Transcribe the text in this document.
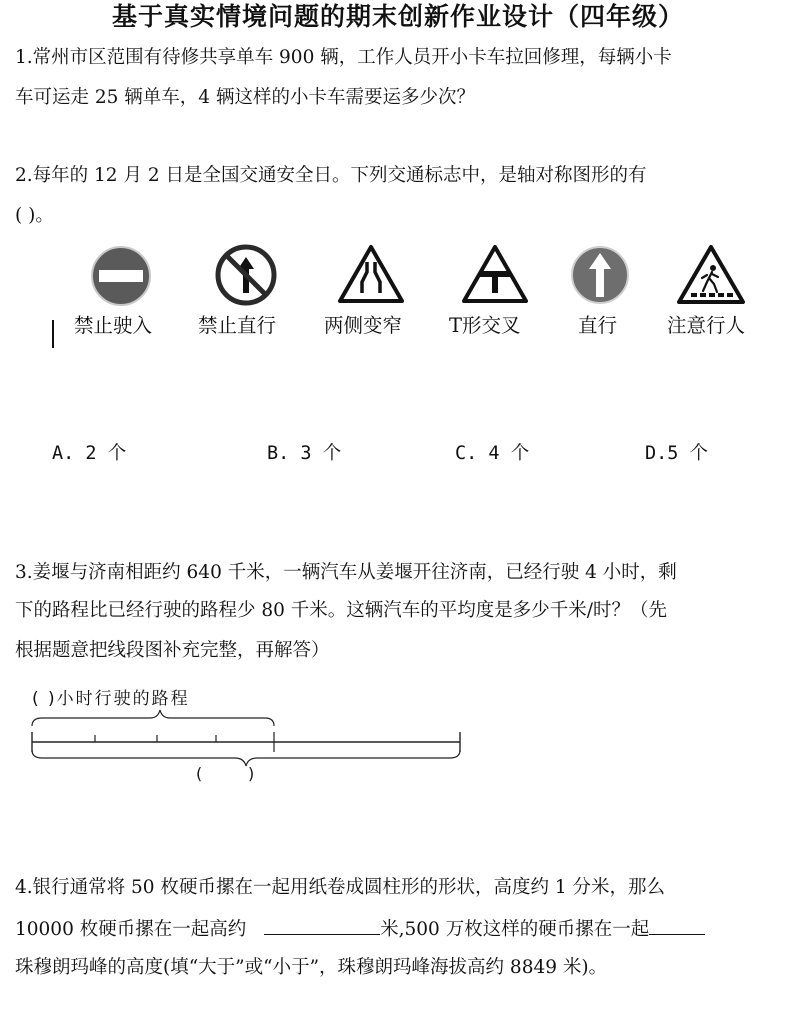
基于真实情境问题的期末创新作业设计（四年级）
1.常州市区范围有待修共享单车 900 辆，工作人员开小卡车拉回修理，每辆小卡
车可运走 25 辆单车，4 辆这样的小卡车需要运多少次？
2.每年的 12 月 2 日是全国交通安全日。下列交通标志中，是轴对称图形的有
( )。
禁止驶入 禁止直行 两侧变窄 T形交叉	直行	注意行人
A. 2 个	B. 3 个	C. 4 个	D.5 个
3.姜堰与济南相距约 640 千米，一辆汽车从姜堰开往济南，已经行驶 4 小时，剩
下的路程比已经行驶的路程少 80 千米。这辆汽车的平均度是多少千米/时？（先
根据题意把线段图补充完整，再解答）
( )小时行驶的路程
(         )
4.银行通常将 50 枚硬币摞在一起用纸卷成圆柱形的形状，高度约 1 分米，那么
10000 枚硬币摞在一起高约	米,500 万枚这样的硬币摞在一起
珠穆朗玛峰的高度(填“大于”或“小于”，珠穆朗玛峰海拔高约 8849 米)。
